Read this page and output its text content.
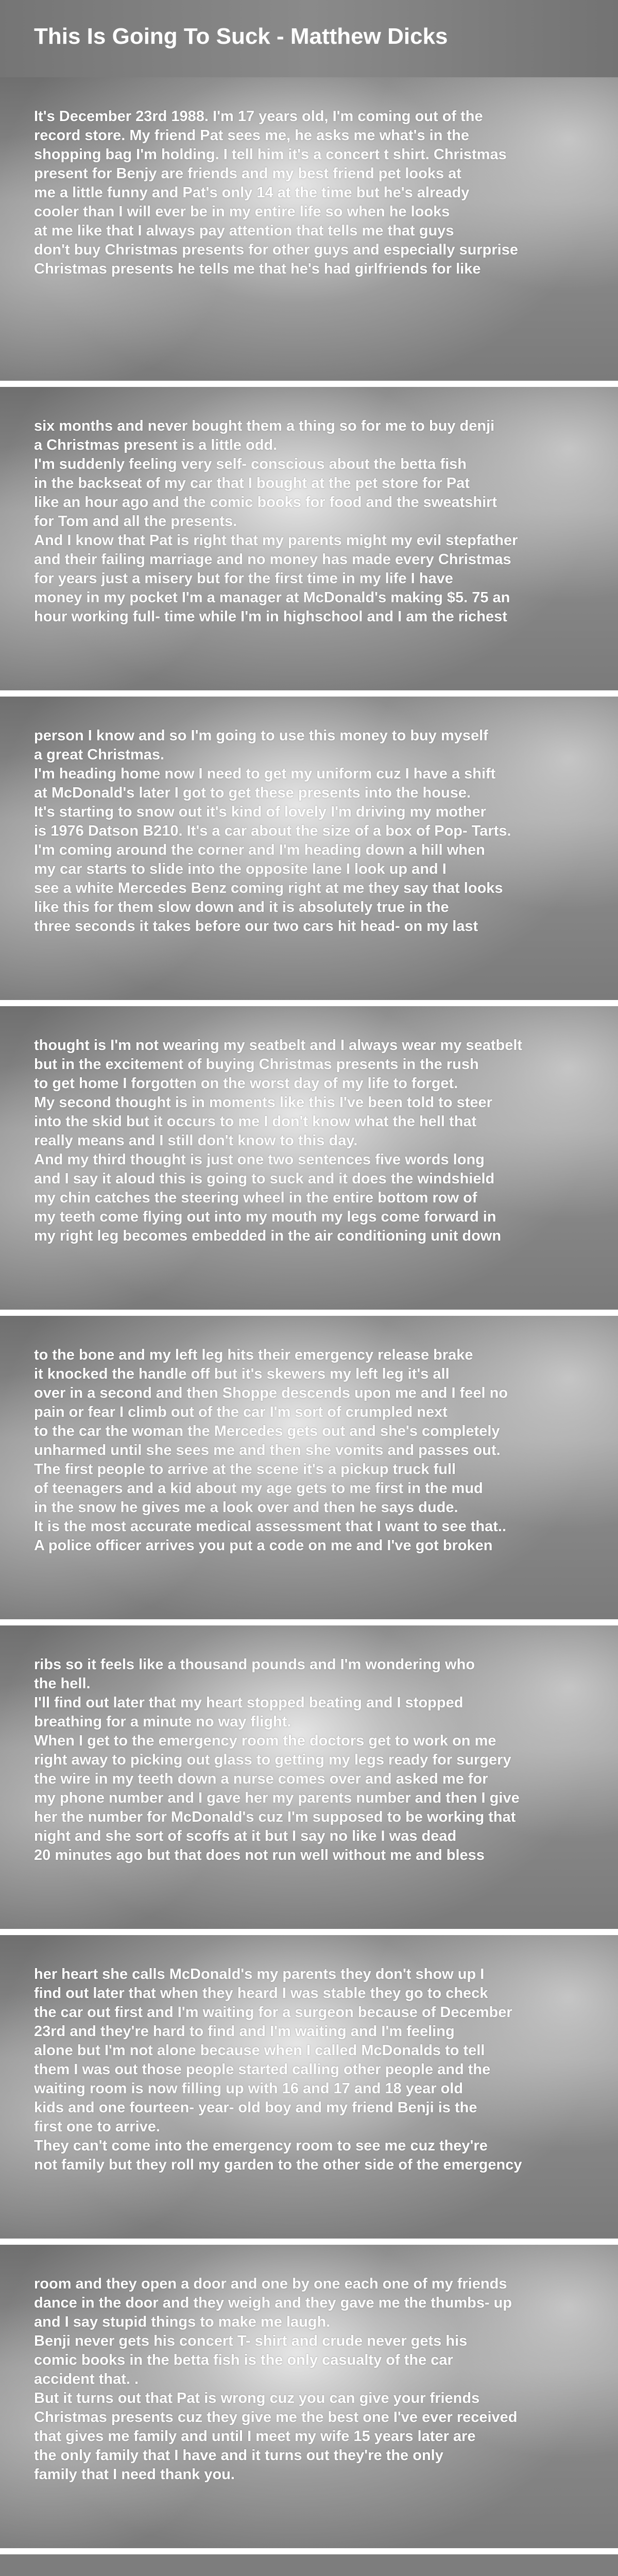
This Is Going To Suck - Matthew Dicks
It's December 23rd 1988. I'm 17 years old, I'm coming out of the
record store. My friend Pat sees me, he asks me what's in the
shopping bag I'm holding. I tell him it's a concert t shirt. Christmas
present for Benjy are friends and my best friend pet looks at
me a little funny and Pat's only 14 at the time but he's already
cooler than I will ever be in my entire life so when he looks
at me like that I always pay attention that tells me that guys
don't buy Christmas presents for other guys and especially surprise
Christmas presents he tells me that he's had girlfriends for like
six months and never bought them a thing so for me to buy denji
a Christmas present is a little odd.
I'm suddenly feeling very self- conscious about the betta fish
in the backseat of my car that I bought at the pet store for Pat
like an hour ago and the comic books for food and the sweatshirt
for Tom and all the presents.
And I know that Pat is right that my parents might my evil stepfather
and their failing marriage and no money has made every Christmas
for years just a misery but for the first time in my life I have
money in my pocket I'm a manager at McDonald's making $5. 75 an
hour working full- time while I'm in highschool and I am the richest
person I know and so I'm going to use this money to buy myself
a great Christmas.
I'm heading home now I need to get my uniform cuz I have a shift
at McDonald's later I got to get these presents into the house.
It's starting to snow out it's kind of lovely I'm driving my mother
is 1976 Datson B210. It's a car about the size of a box of Pop- Tarts.
I'm coming around the corner and I'm heading down a hill when
my car starts to slide into the opposite lane I look up and I
see a white Mercedes Benz coming right at me they say that looks
like this for them slow down and it is absolutely true in the
three seconds it takes before our two cars hit head- on my last
thought is I'm not wearing my seatbelt and I always wear my seatbelt
but in the excitement of buying Christmas presents in the rush
to get home I forgotten on the worst day of my life to forget.
My second thought is in moments like this I've been told to steer
into the skid but it occurs to me I don't know what the hell that
really means and I still don't know to this day.
And my third thought is just one two sentences five words long
and I say it aloud this is going to suck and it does the windshield
my chin catches the steering wheel in the entire bottom row of
my teeth come flying out into my mouth my legs come forward in
my right leg becomes embedded in the air conditioning unit down
to the bone and my left leg hits their emergency release brake
it knocked the handle off but it's skewers my left leg it's all
over in a second and then Shoppe descends upon me and I feel no
pain or fear I climb out of the car I'm sort of crumpled next
to the car the woman the Mercedes gets out and she's completely
unharmed until she sees me and then she vomits and passes out.
The first people to arrive at the scene it's a pickup truck full
of teenagers and a kid about my age gets to me first in the mud
in the snow he gives me a look over and then he says dude.
It is the most accurate medical assessment that I want to see that..
A police officer arrives you put a code on me and I've got broken
ribs so it feels like a thousand pounds and I'm wondering who
the hell.
I'll find out later that my heart stopped beating and I stopped
breathing for a minute no way flight.
When I get to the emergency room the doctors get to work on me
right away to picking out glass to getting my legs ready for surgery
the wire in my teeth down a nurse comes over and asked me for
my phone number and I gave her my parents number and then I give
her the number for McDonald's cuz I'm supposed to be working that
night and she sort of scoffs at it but I say no like I was dead
20 minutes ago but that does not run well without me and bless
her heart she calls McDonald's my parents they don't show up I
find out later that when they heard I was stable they go to check
the car out first and I'm waiting for a surgeon because of December
23rd and they're hard to find and I'm waiting and I'm feeling
alone but I'm not alone because when I called McDonalds to tell
them I was out those people started calling other people and the
waiting room is now filling up with 16 and 17 and 18 year old
kids and one fourteen- year- old boy and my friend Benji is the
first one to arrive.
They can't come into the emergency room to see me cuz they're
not family but they roll my garden to the other side of the emergency
room and they open a door and one by one each one of my friends
dance in the door and they weigh and they gave me the thumbs- up
and I say stupid things to make me laugh.
Benji never gets his concert T- shirt and crude never gets his
comic books in the betta fish is the only casualty of the car
accident that. .
But it turns out that Pat is wrong cuz you can give your friends
Christmas presents cuz they give me the best one I've ever received
that gives me family and until I meet my wife 15 years later are
the only family that I have and it turns out they're the only
family that I need thank you.
